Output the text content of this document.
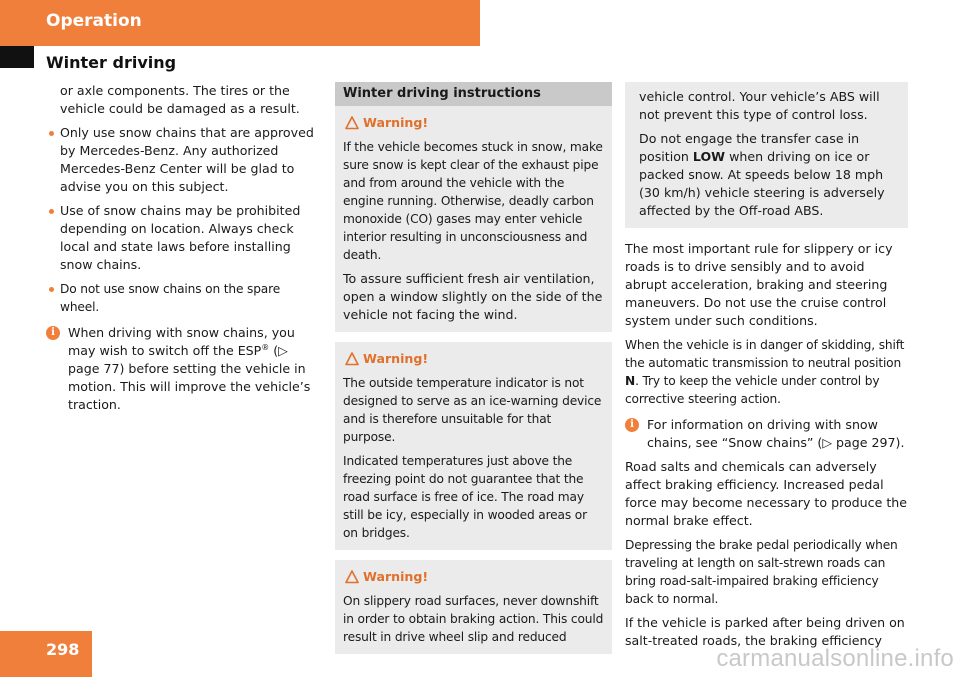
Operation
Winter driving

or axle components. The tires or the vehicle could be damaged as a result.

Only use snow chains that are approved by Mercedes-Benz. Any authorized Mercedes-Benz Center will be glad to advise you on this subject.
Use of snow chains may be prohibited depending on location. Always check local and state laws before installing snow chains.
Do not use snow chains on the spare wheel.
i	When driving with snow chains, you may wish to switch off the ESP® (▷ page 77) before setting the vehicle in motion. This will improve the vehicle’s traction.
Winter driving instructions
Warning!

If the vehicle becomes stuck in snow, make sure snow is kept clear of the exhaust pipe and from around the vehicle with the engine running. Otherwise, deadly carbon monoxide (CO) gases may enter vehicle interior resulting in unconsciousness and death.

To assure sufficient fresh air ventilation, open a window slightly on the side of the vehicle not facing the wind.

Warning!

The outside temperature indicator is not designed to serve as an ice-warning device and is therefore unsuitable for that purpose.

Indicated temperatures just above the freezing point do not guarantee that the road surface is free of ice. The road may still be icy, especially in wooded areas or on bridges.

Warning!

On slippery road surfaces, never downshift in order to obtain braking action. This could result in drive wheel slip and reduced

vehicle control. Your vehicle’s ABS will not prevent this type of control loss.

Do not engage the transfer case in position LOW when driving on ice or packed snow. At speeds below 18 mph (30 km/h) vehicle steering is adversely affected by the Off-road ABS.

The most important rule for slippery or icy roads is to drive sensibly and to avoid abrupt acceleration, braking and steering maneuvers. Do not use the cruise control system under such conditions.

When the vehicle is in danger of skidding, shift the automatic transmission to neutral position N. Try to keep the vehicle under control by corrective steering action.

i	For information on driving with snow chains, see “Snow chains” (▷ page 297).

Road salts and chemicals can adversely affect braking efficiency. Increased pedal force may become necessary to produce the normal brake effect.

Depressing the brake pedal periodically when traveling at length on salt-strewn roads can bring road-salt-impaired braking efficiency back to normal.

If the vehicle is parked after being driven on salt-treated roads, the braking efficiency

298	carmanualsonline.info
